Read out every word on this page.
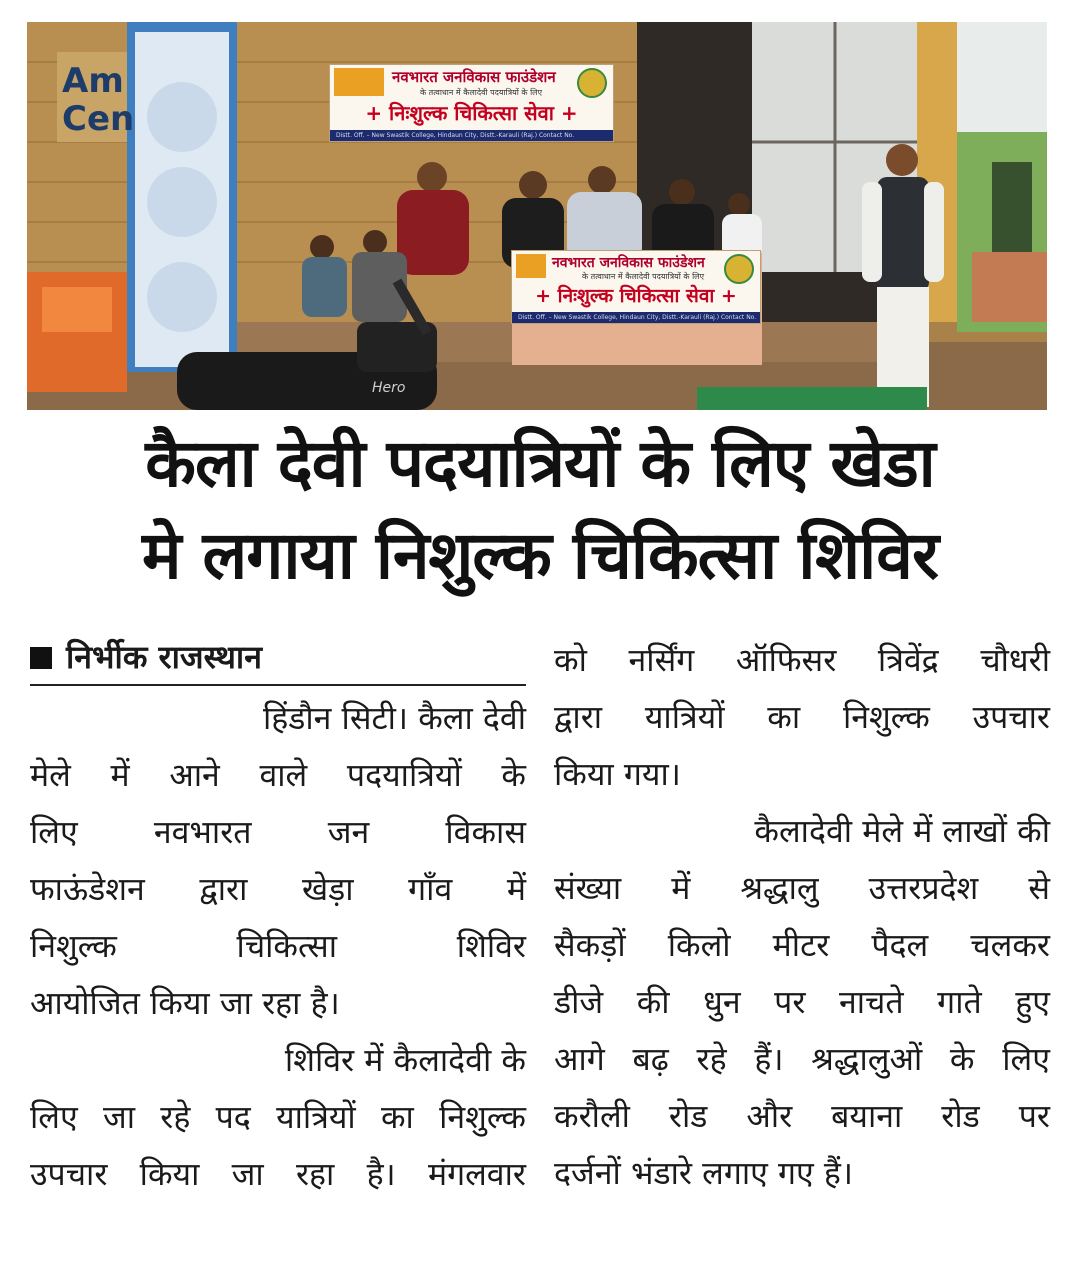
Am
Cen
Hero
नवभारत जनविकास फाउंडेशन
के तत्वाधान में कैलादेवी पदयात्रियों के लिए
+ निःशुल्क चिकित्सा सेवा +
Distt. Off. – New Swastik College, Hindaun City, Distt.-Karauli (Raj.) Contact No.
नवभारत जनविकास फाउंडेशन
के तत्वाधान में कैलादेवी पदयात्रियों के लिए
+ निःशुल्क चिकित्सा सेवा +
Distt. Off. – New Swastik College, Hindaun City, Distt.-Karauli (Raj.) Contact No.
कैला देवी पदयात्रियों के लिए खेडा
मे लगाया निशुल्क चिकित्सा शिविर
निर्भीक राजस्थान
हिंडौन सिटी। कैला देवी
मेले में आने वाले पदयात्रियों के
लिए नवभारत जन विकास
फाऊंडेशन द्वारा खेड़ा गाँव में
निशुल्क	चिकित्सा	शिविर
आयोजित किया जा रहा है।
शिविर में कैलादेवी के
लिए जा रहे पद यात्रियों का निशुल्क
उपचार किया जा रहा है। मंगलवार
को नर्सिंग ऑफिसर त्रिवेंद्र चौधरी
द्वारा यात्रियों का निशुल्क उपचार
किया गया।
कैलादेवी मेले में लाखों की
संख्या में श्रद्धालु उत्तरप्रदेश से
सैकड़ों किलो मीटर पैदल चलकर
डीजे की धुन पर नाचते गाते हुए
आगे बढ़ रहे हैं। श्रद्धालुओं के लिए
करौली रोड और बयाना रोड पर
दर्जनों भंडारे लगाए गए हैं।
